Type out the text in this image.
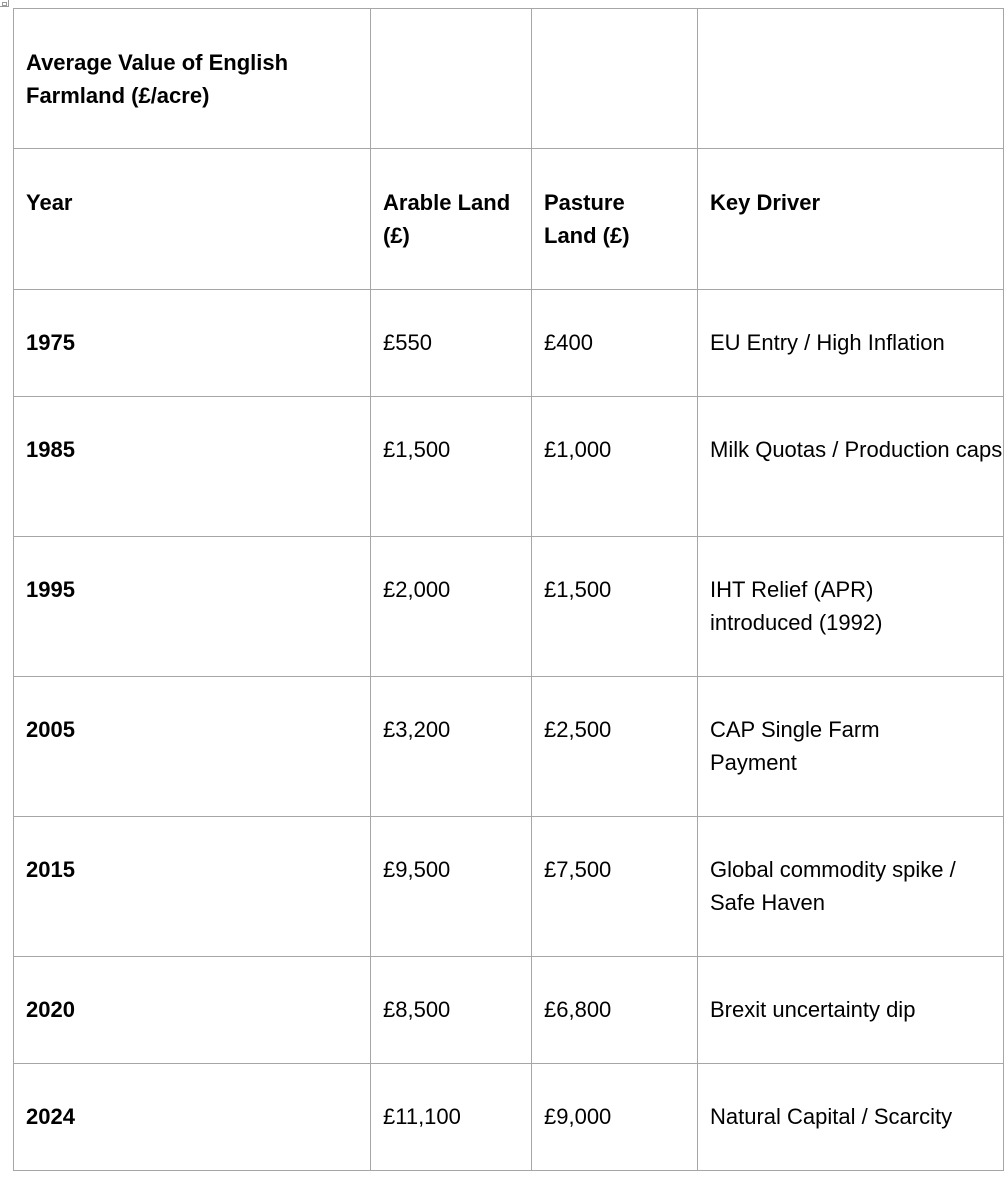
Average Value of English Farmland (£/acre)			
Year	Arable Land (£)	Pasture Land (£)	Key Driver
1975	£550	£400	EU Entry / High Inflation
1985	£1,500	£1,000	Milk Quotas / Production caps
1995	£2,000	£1,500	IHT Relief (APR) introduced (1992)
2005	£3,200	£2,500	CAP Single Farm Payment
2015	£9,500	£7,500	Global commodity spike / Safe Haven
2020	£8,500	£6,800	Brexit uncertainty dip
2024	£11,100	£9,000	Natural Capital / Scarcity
